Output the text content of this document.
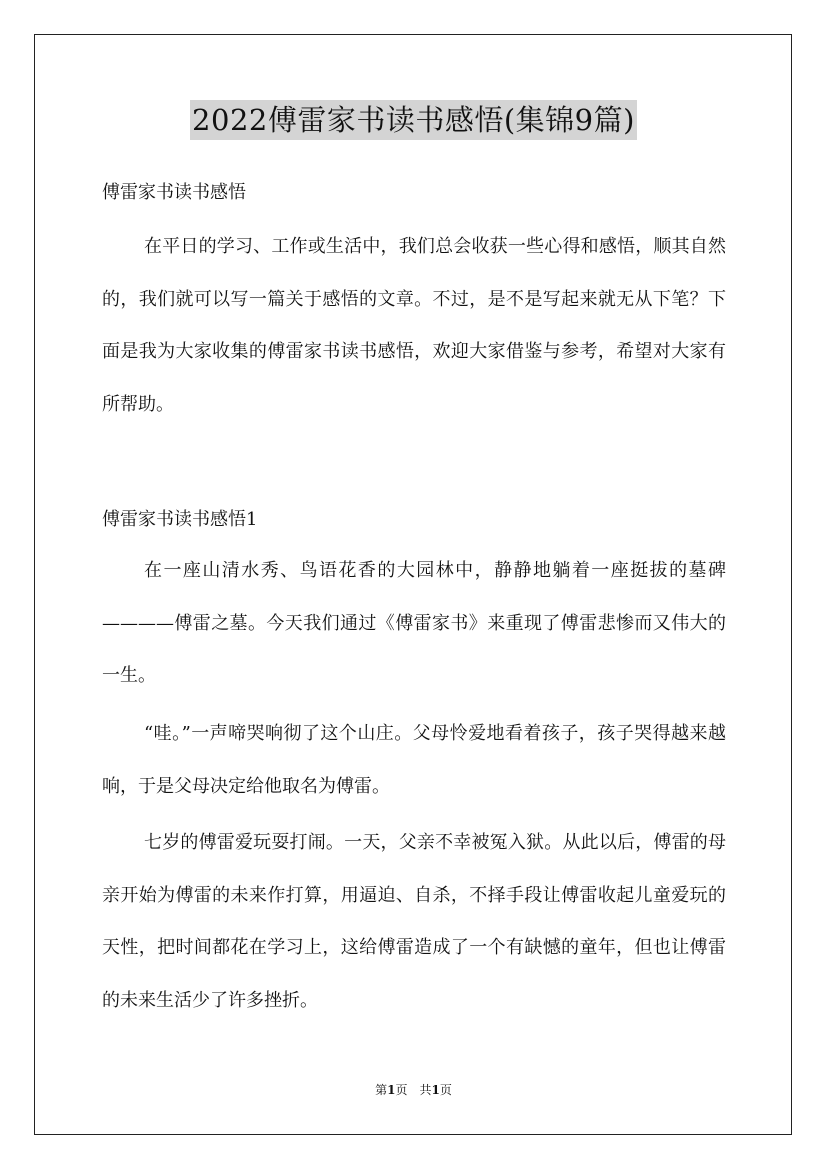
2022傅雷家书读书感悟(集锦9篇)
傅雷家书读书感悟
在平日的学习、工作或生活中，我们总会收获一些心得和感悟，顺其自然的，我们就可以写一篇关于感悟的文章。不过，是不是写起来就无从下笔？下面是我为大家收集的傅雷家书读书感悟，欢迎大家借鉴与参考，希望对大家有所帮助。
傅雷家书读书感悟1
在一座山清水秀、鸟语花香的大园林中，静静地躺着一座挺拔的墓碑————傅雷之墓。今天我们通过《傅雷家书》来重现了傅雷悲惨而又伟大的一生。
“哇。”一声啼哭响彻了这个山庄。父母怜爱地看着孩子，孩子哭得越来越响，于是父母决定给他取名为傅雷。
七岁的傅雷爱玩耍打闹。一天，父亲不幸被冤入狱。从此以后，傅雷的母亲开始为傅雷的未来作打算，用逼迫、自杀，不择手段让傅雷收起儿童爱玩的天性，把时间都花在学习上，这给傅雷造成了一个有缺憾的童年，但也让傅雷的未来生活少了许多挫折。
第1页　共1页
